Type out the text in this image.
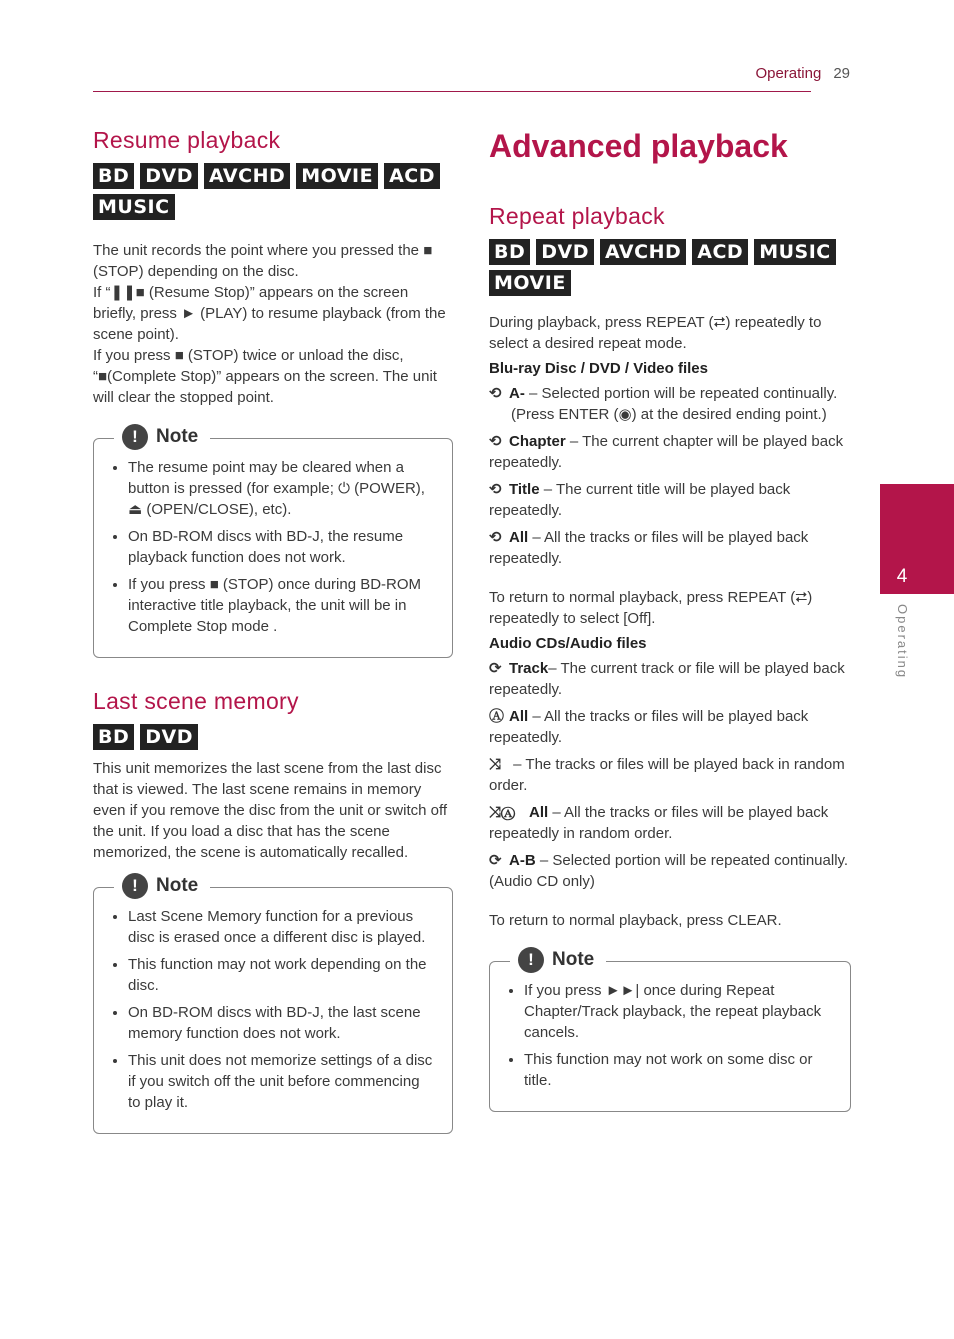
Operating 29
4
Operating
Resume playback
BD DVD AVCHD MOVIE ACD
MUSIC

The unit records the point where you pressed the ■ (STOP) depending on the disc.

If “❚❚■ (Resume Stop)” appears on the screen briefly, press ► (PLAY) to resume playback (from the scene point).

If you press ■ (STOP) twice or unload the disc, “■(Complete Stop)” appears on the screen. The unit will clear the stopped point.

! Note
• The resume point may be cleared when a button is pressed (for example; ⏻ (POWER), ⏏ (OPEN/CLOSE), etc).
• On BD-ROM discs with BD-J, the resume playback function does not work.
• If you press ■ (STOP) once during BD-ROM interactive title playback, the unit will be in Complete Stop mode .
Last scene memory
BD DVD

This unit memorizes the last scene from the last disc that is viewed. The last scene remains in memory even if you remove the disc from the unit or switch off the unit. If you load a disc that has the scene memorized, the scene is automatically recalled.

! Note
• Last Scene Memory function for a previous disc is erased once a different disc is played.
• This function may not work depending on the disc.
• On BD-ROM discs with BD-J, the last scene memory function does not work.
• This unit does not memorize settings of a disc if you switch off the unit before commencing to play it.
Advanced playback
Repeat playback
BD DVD AVCHD ACD MUSIC
MOVIE

During playback, press REPEAT (⮂) repeatedly to select a desired repeat mode.

Blu-ray Disc / DVD / Video files
⟲ A- – Selected portion will be repeated continually.
(Press ENTER (◉) at the desired ending point.)
⟲ Chapter – The current chapter will be played back repeatedly.
⟲ Title – The current title will be played back repeatedly.
⟲ All – All the tracks or files will be played back repeatedly.

To return to normal playback, press REPEAT (⮂) repeatedly to select [Off].

Audio CDs/Audio files
⟳ Track– The current track or file will be played back repeatedly.
Ⓐ All – All the tracks or files will be played back repeatedly.
⤨ – The tracks or files will be played back in random order.
⤨Ⓐ All – All the tracks or files will be played back repeatedly in random order.
⟳ A-B – Selected portion will be repeated continually. (Audio CD only)

To return to normal playback, press CLEAR.

! Note
• If you press ►►| once during Repeat Chapter/Track playback, the repeat playback cancels.
• This function may not work on some disc or title.
